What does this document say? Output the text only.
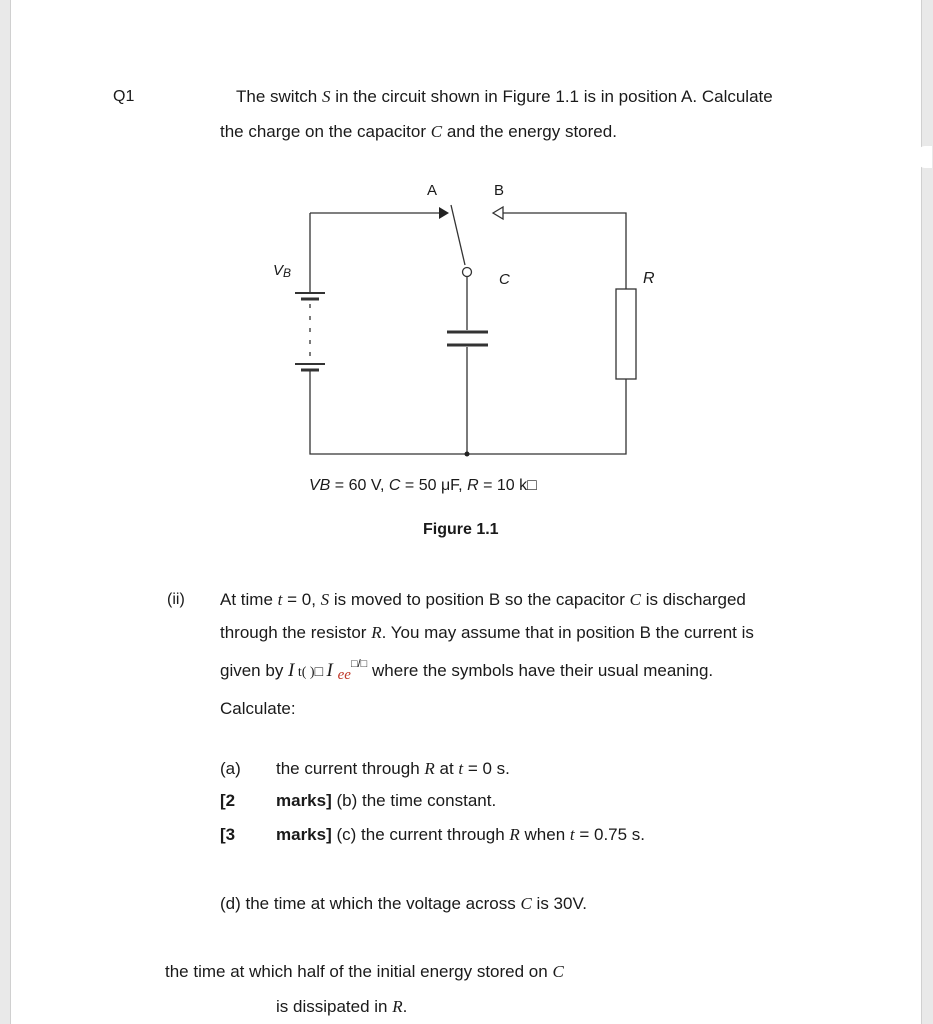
Q1	The switch S in the circuit shown in Figure 1.1 is in position A. Calculate
the charge on the capacitor C and the energy stored.
A	B
VB	C	R
VB = 60 V, C = 50 μF, R = 10 k□
Figure 1.1
(ii) At time t = 0, S is moved to position B so the capacitor C is discharged
through the resistor R. You may assume that in position B the current is
given by I t( )□ I ee□/□ where the symbols have their usual meaning.
Calculate:
(a) the current through R at t = 0 s.
[2 marks] (b) the time constant.
[3 marks] (c) the current through R when t = 0.75 s.
(d) the time at which the voltage across C is 30V.
the time at which half of the initial energy stored on C
is dissipated in R.
